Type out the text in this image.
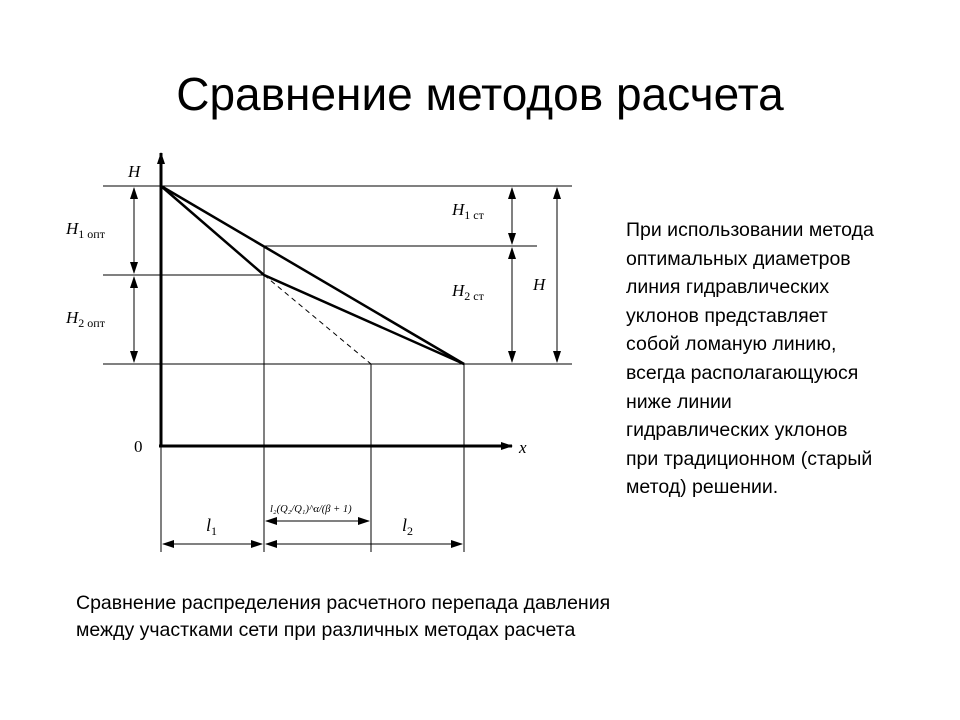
Сравнение методов расчета
H
x
0
$H_{1 опт}$
$H_{2 опт}$
$H_{1 ст}$
$H_{2 ст}$
H
$l_1$	$l_2$
l₂(Q₂/Q₁)^α/(β + 1)
При использовании метода
оптимальных диаметров
линия гидравлических
уклонов представляет
собой ломаную линию,
всегда располагающуюся
ниже линии
гидравлических уклонов
при традиционном (старый
метод) решении.
Сравнение распределения расчетного перепада давления
между участками сети при различных методах расчета
